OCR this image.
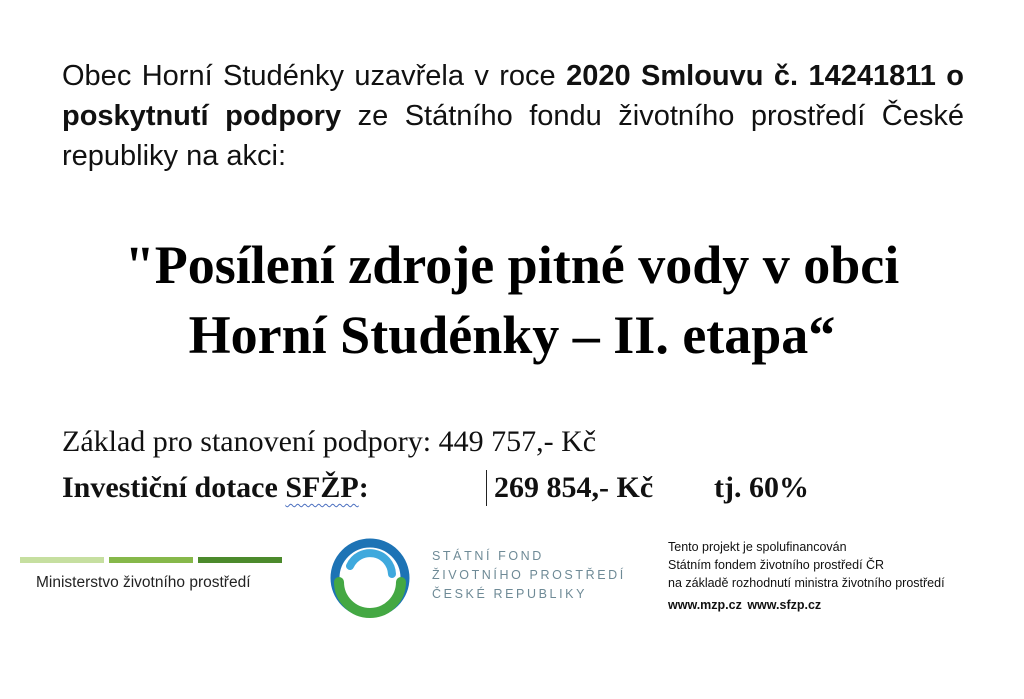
Obec Horní Studénky uzavřela v roce 2020 Smlouvu č. 14241811 o poskytnutí podpory ze Státního fondu životního prostředí České republiky na akci:

"Posílení zdroje pitné vody v obci
Horní Studénky – II. etapa“
Základ pro stanovení podpory: 449 757,- Kč
Investiční dotace SFŽP:	269 854,- Kč tj. 60%
Ministerstvo životního prostředí
STÁTNÍ FOND
ŽIVOTNÍHO PROSTŘEDÍ
ČESKÉ REPUBLIKY
Tento projekt je spolufinancován
Státním fondem životního prostředí ČR
na základě rozhodnutí ministra životního prostředí
www.mzp.cz www.sfzp.cz
